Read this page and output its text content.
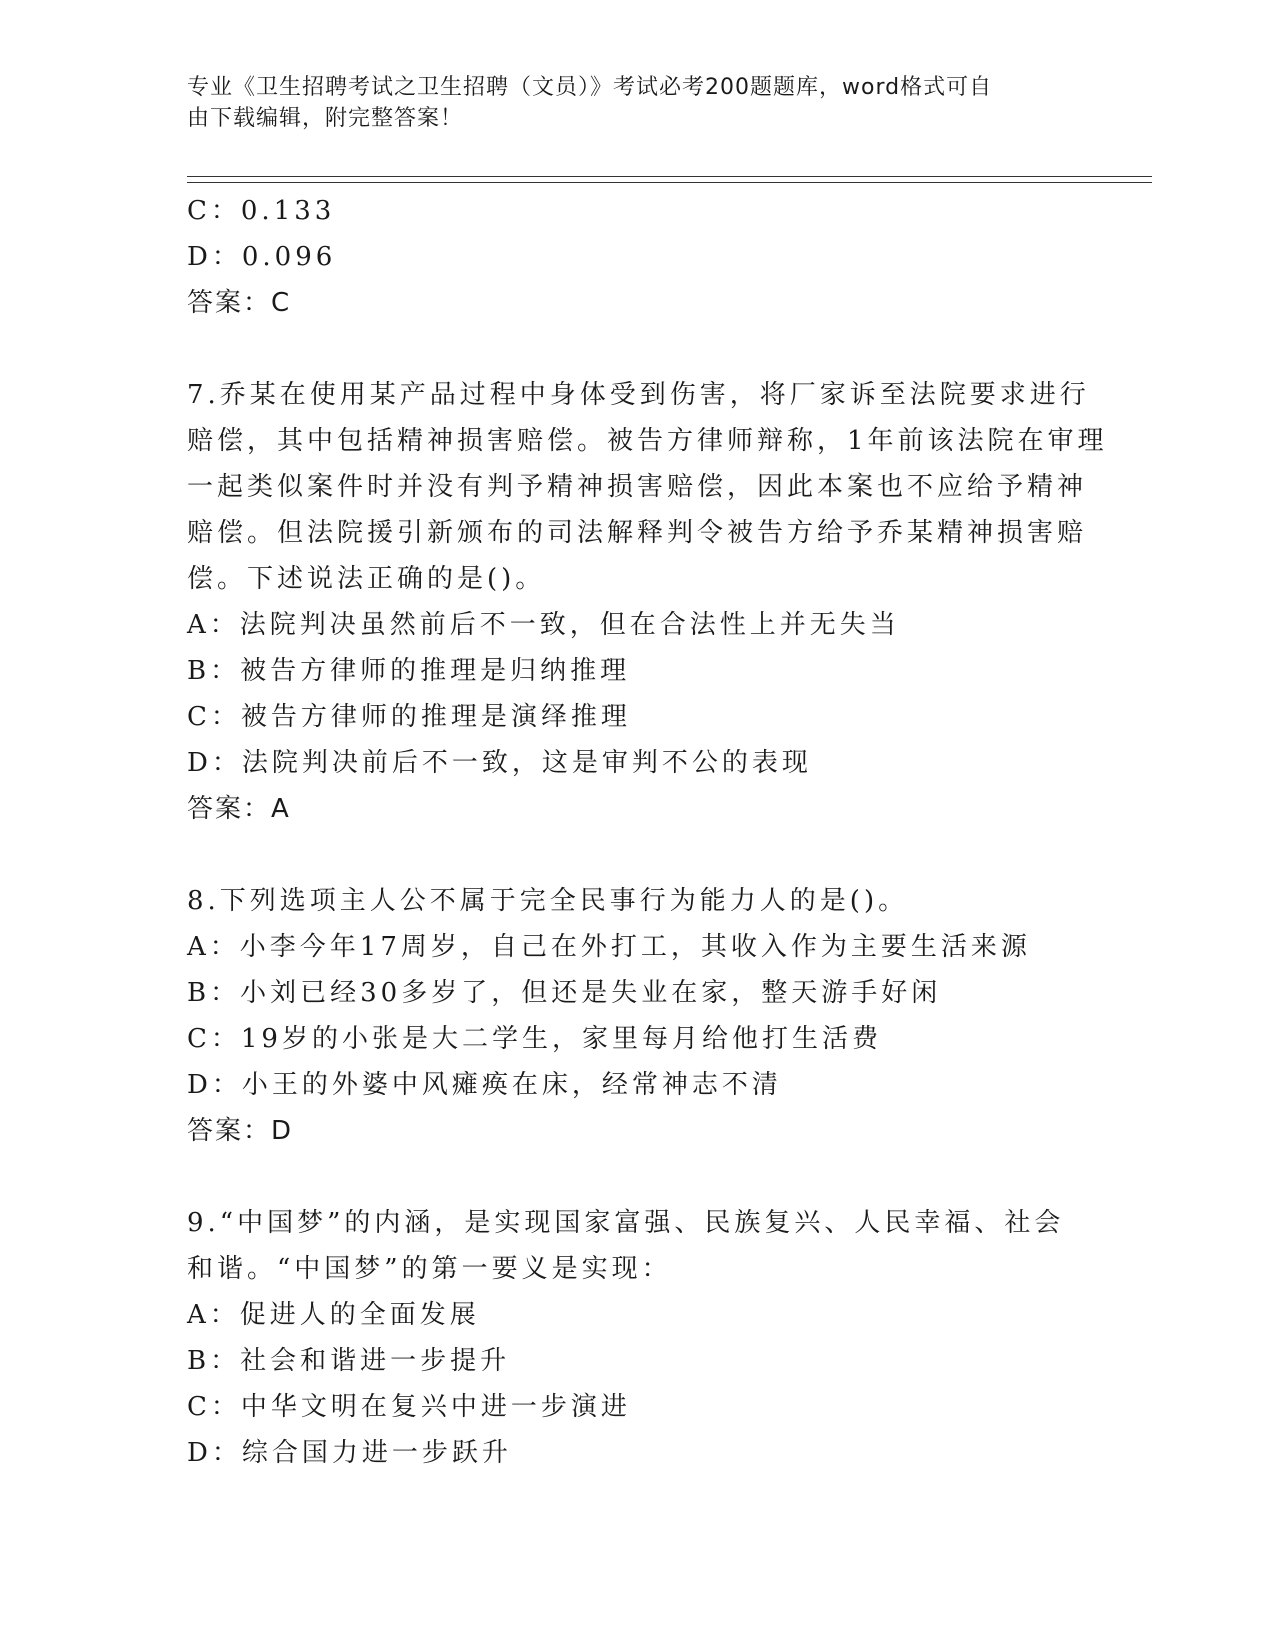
专业《卫生招聘考试之卫生招聘（文员）》考试必考200题题库，word格式可自
由下载编辑，附完整答案！
C：0.133
D：0.096
答案：C
7.乔某在使用某产品过程中身体受到伤害，将厂家诉至法院要求进行
赔偿，其中包括精神损害赔偿。被告方律师辩称，1年前该法院在审理
一起类似案件时并没有判予精神损害赔偿，因此本案也不应给予精神
赔偿。但法院援引新颁布的司法解释判令被告方给予乔某精神损害赔
偿。下述说法正确的是()。
A：法院判决虽然前后不一致，但在合法性上并无失当
B：被告方律师的推理是归纳推理
C：被告方律师的推理是演绎推理
D：法院判决前后不一致，这是审判不公的表现
答案：A
8.下列选项主人公不属于完全民事行为能力人的是()。
A：小李今年17周岁，自己在外打工，其收入作为主要生活来源
B：小刘已经30多岁了，但还是失业在家，整天游手好闲
C：19岁的小张是大二学生，家里每月给他打生活费
D：小王的外婆中风瘫痪在床，经常神志不清
答案：D
9.“中国梦”的内涵，是实现国家富强、民族复兴、人民幸福、社会
和谐。“中国梦”的第一要义是实现：
A：促进人的全面发展
B：社会和谐进一步提升
C：中华文明在复兴中进一步演进
D：综合国力进一步跃升
